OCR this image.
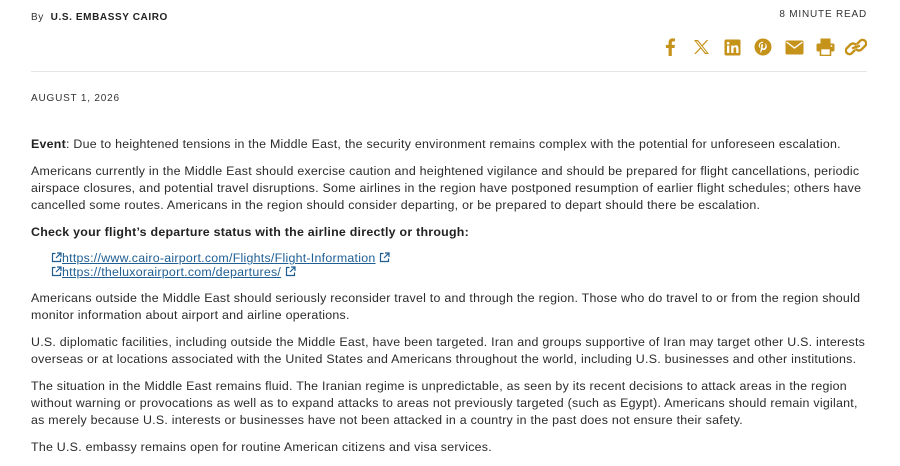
By U.S. EMBASSY CAIRO	8 MINUTE READ
AUGUST 1, 2026

Event: Due to heightened tensions in the Middle East, the security environment remains complex with the potential for unforeseen escalation.

Americans currently in the Middle East should exercise caution and heightened vigilance and should be prepared for flight cancellations, periodic airspace closures, and potential travel disruptions. Some airlines in the region have postponed resumption of earlier flight schedules; others have cancelled some routes. Americans in the region should consider departing, or be prepared to depart should there be escalation.

Check your flight’s departure status with the airline directly or through:

https://www.cairo-airport.com/Flights/Flight-Information
https://theluxorairport.com/departures/

Americans outside the Middle East should seriously reconsider travel to and through the region. Those who do travel to or from the region should monitor information about airport and airline operations.

U.S. diplomatic facilities, including outside the Middle East, have been targeted. Iran and groups supportive of Iran may target other U.S. interests overseas or at locations associated with the United States and Americans throughout the world, including U.S. businesses and other institutions.

The situation in the Middle East remains fluid. The Iranian regime is unpredictable, as seen by its recent decisions to attack areas in the region without warning or provocations as well as to expand attacks to areas not previously targeted (such as Egypt). Americans should remain vigilant, as merely because U.S. interests or businesses have not been attacked in a country in the past does not ensure their safety.

The U.S. embassy remains open for routine American citizens and visa services.
